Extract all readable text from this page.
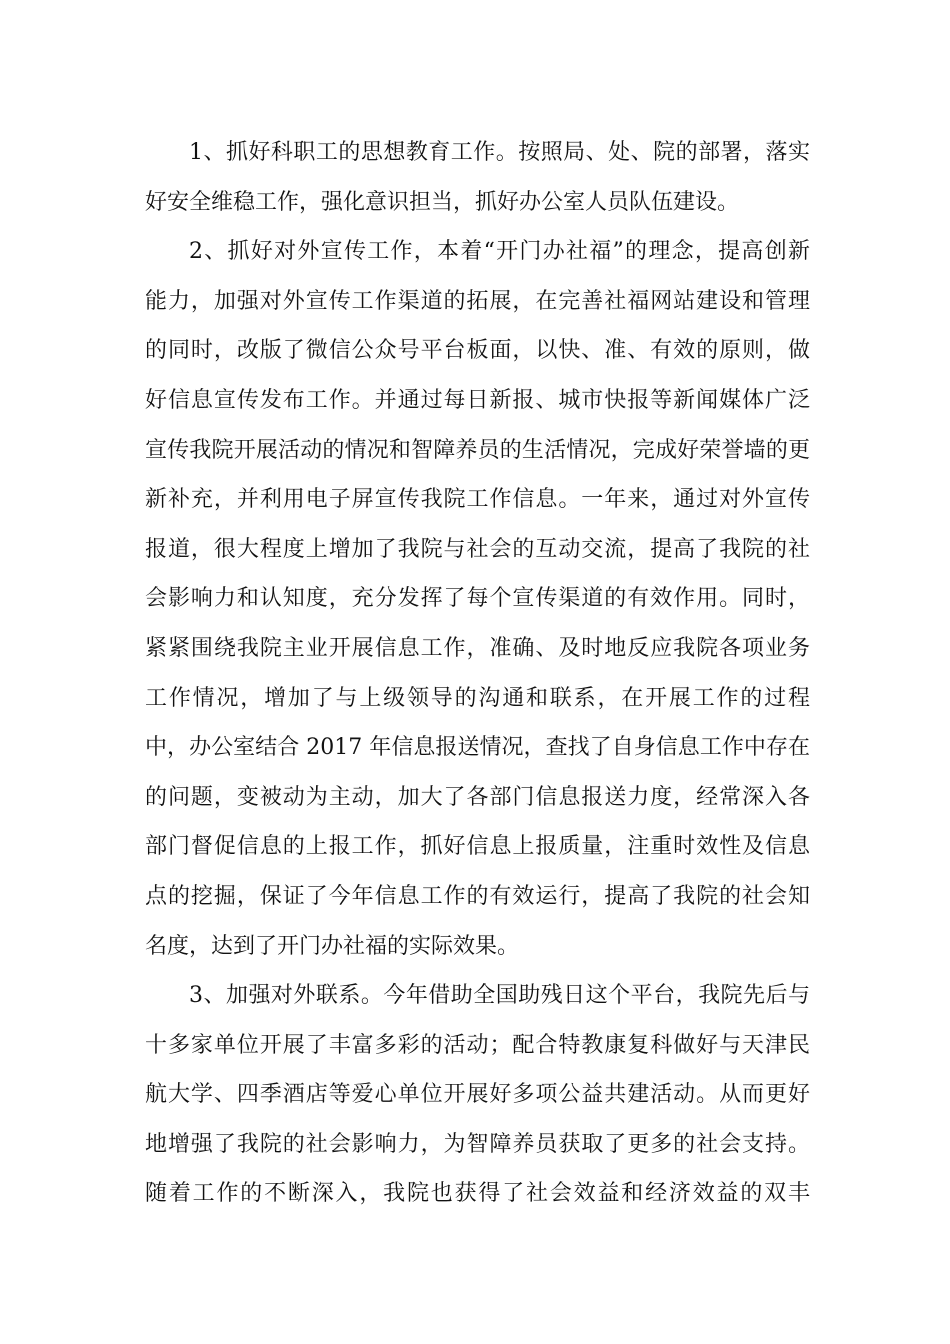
1、抓好科职工的思想教育工作。按照局、处、院的部署，落实
好安全维稳工作，强化意识担当，抓好办公室人员队伍建设。
2、抓好对外宣传工作，本着“开门办社福”的理念，提高创新
能力，加强对外宣传工作渠道的拓展，在完善社福网站建设和管理
的同时，改版了微信公众号平台板面，以快、准、有效的原则，做
好信息宣传发布工作。并通过每日新报、城市快报等新闻媒体广泛
宣传我院开展活动的情况和智障养员的生活情况，完成好荣誉墙的更
新补充，并利用电子屏宣传我院工作信息。一年来，通过对外宣传
报道，很大程度上增加了我院与社会的互动交流，提高了我院的社
会影响力和认知度，充分发挥了每个宣传渠道的有效作用。同时，
紧紧围绕我院主业开展信息工作，准确、及时地反应我院各项业务
工作情况，增加了与上级领导的沟通和联系，在开展工作的过程
中，办公室结合 2017 年信息报送情况，查找了自身信息工作中存在
的问题，变被动为主动，加大了各部门信息报送力度，经常深入各
部门督促信息的上报工作，抓好信息上报质量，注重时效性及信息
点的挖掘，保证了今年信息工作的有效运行，提高了我院的社会知
名度，达到了开门办社福的实际效果。
3、加强对外联系。今年借助全国助残日这个平台，我院先后与
十多家单位开展了丰富多彩的活动；配合特教康复科做好与天津民
航大学、四季酒店等爱心单位开展好多项公益共建活动。从而更好
地增强了我院的社会影响力，为智障养员获取了更多的社会支持。
随着工作的不断深入，我院也获得了社会效益和经济效益的双丰
